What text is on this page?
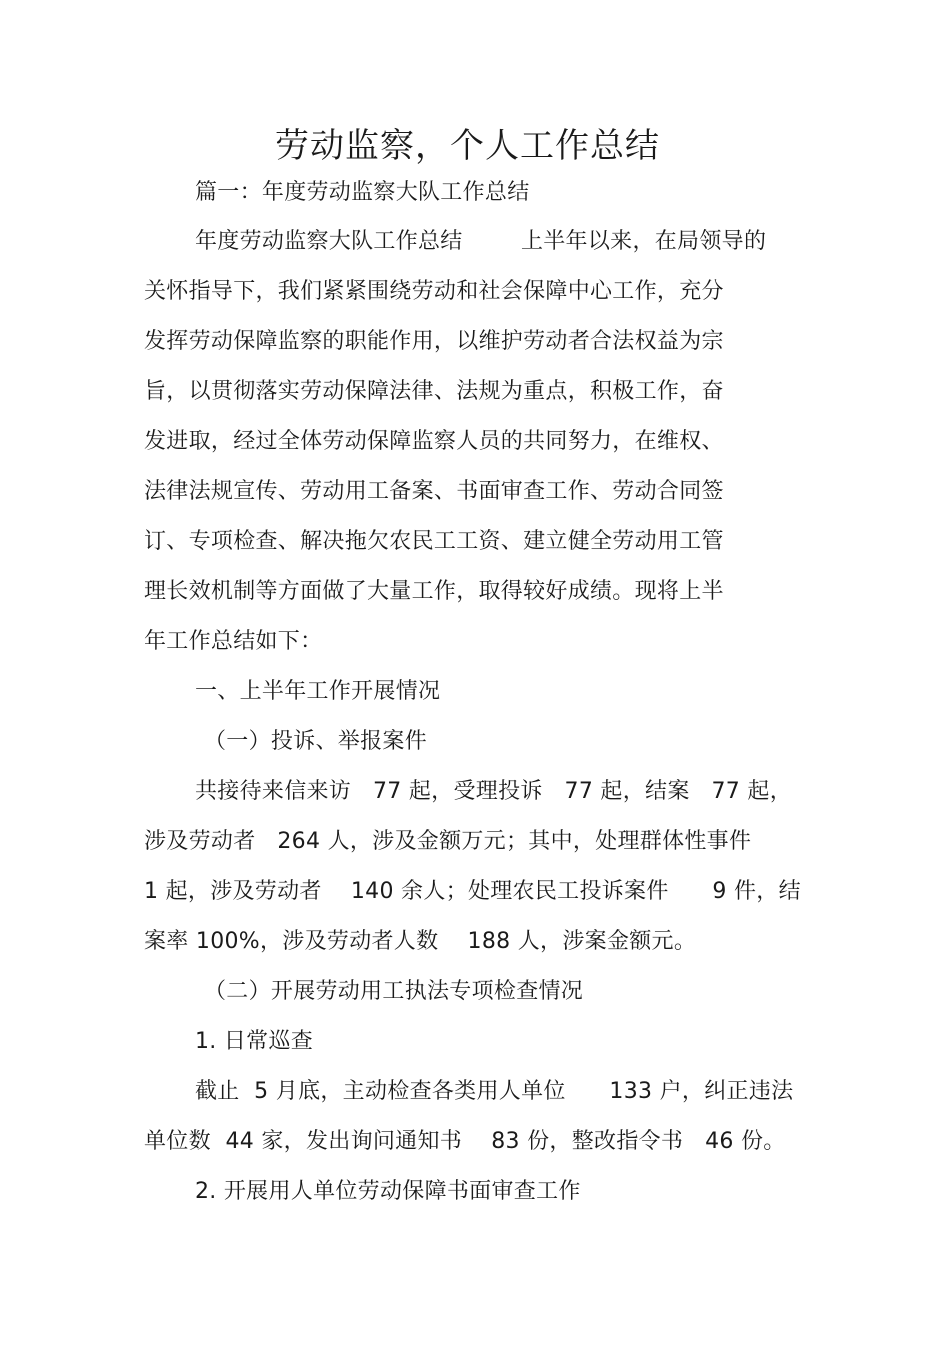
劳动监察，个人工作总结
篇一：年度劳动监察大队工作总结
年度劳动监察大队工作总结        上半年以来，在局领导的
关怀指导下，我们紧紧围绕劳动和社会保障中心工作，充分
发挥劳动保障监察的职能作用，以维护劳动者合法权益为宗
旨，以贯彻落实劳动保障法律、法规为重点，积极工作，奋
发进取，经过全体劳动保障监察人员的共同努力，在维权、
法律法规宣传、劳动用工备案、书面审查工作、劳动合同签
订、专项检查、解决拖欠农民工工资、建立健全劳动用工管
理长效机制等方面做了大量工作，取得较好成绩。现将上半
年工作总结如下：
一、上半年工作开展情况
（一）投诉、举报案件
共接待来信来访   77 起，受理投诉   77 起，结案   77 起，
涉及劳动者   264 人，涉及金额万元；其中，处理群体性事件
1 起，涉及劳动者    140 余人；处理农民工投诉案件      9 件，结
案率 100%，涉及劳动者人数    188 人，涉案金额元。
（二）开展劳动用工执法专项检查情况
1. 日常巡查
截止  5 月底，主动检查各类用人单位      133 户，纠正违法
单位数  44 家，发出询问通知书    83 份，整改指令书   46 份。
2. 开展用人单位劳动保障书面审查工作
